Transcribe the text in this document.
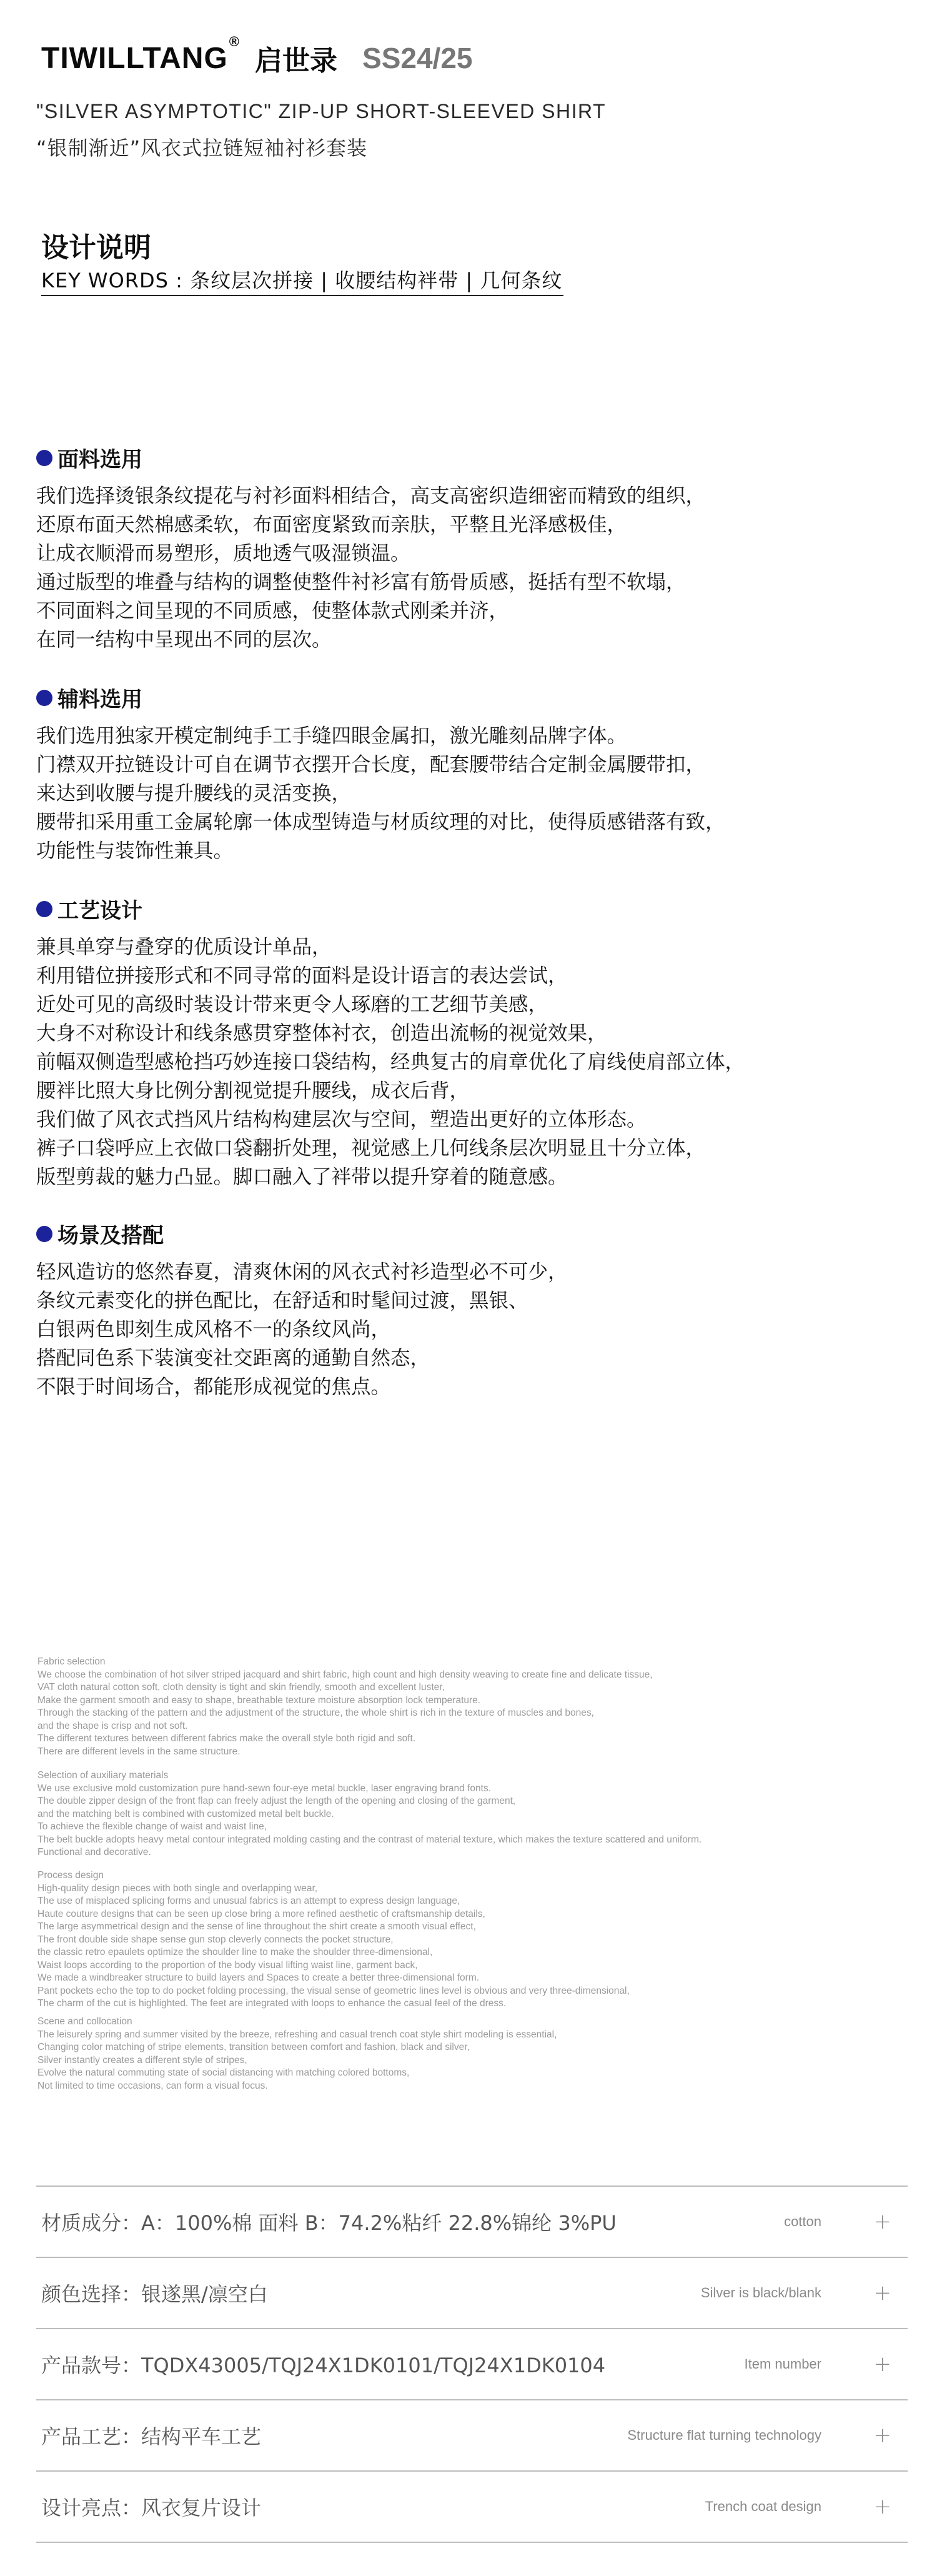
TIWILLTANG®
启世录 SS24/25
"SILVER ASYMPTOTIC" ZIP-UP SHORT-SLEEVED SHIRT
“银制渐近”风衣式拉链短袖衬衫套装
设计说明
KEY WORDS : 条纹层次拼接 | 收腰结构袢带 | 几何条纹
面料选用

我们选择烫银条纹提花与衬衫面料相结合，高支高密织造细密而精致的组织，

还原布面天然棉感柔软，布面密度紧致而亲肤，平整且光泽感极佳，

让成衣顺滑而易塑形，质地透气吸湿锁温。

通过版型的堆叠与结构的调整使整件衬衫富有筋骨质感，挺括有型不软塌，

不同面料之间呈现的不同质感，使整体款式刚柔并济，

在同一结构中呈现出不同的层次。

辅料选用

我们选用独家开模定制纯手工手缝四眼金属扣，激光雕刻品牌字体。

门襟双开拉链设计可自在调节衣摆开合长度，配套腰带结合定制金属腰带扣，

来达到收腰与提升腰线的灵活变换，

腰带扣采用重工金属轮廓一体成型铸造与材质纹理的对比，使得质感错落有致，

功能性与装饰性兼具。

工艺设计

兼具单穿与叠穿的优质设计单品，

利用错位拼接形式和不同寻常的面料是设计语言的表达尝试，

近处可见的高级时装设计带来更令人琢磨的工艺细节美感，

大身不对称设计和线条感贯穿整体衬衣，创造出流畅的视觉效果，

前幅双侧造型感枪挡巧妙连接口袋结构，经典复古的肩章优化了肩线使肩部立体，

腰袢比照大身比例分割视觉提升腰线，成衣后背，

我们做了风衣式挡风片结构构建层次与空间，塑造出更好的立体形态。

裤子口袋呼应上衣做口袋翻折处理，视觉感上几何线条层次明显且十分立体，

版型剪裁的魅力凸显。脚口融入了袢带以提升穿着的随意感。

场景及搭配

轻风造访的悠然春夏，清爽休闲的风衣式衬衫造型必不可少，

条纹元素变化的拼色配比，在舒适和时髦间过渡，黑银、

白银两色即刻生成风格不一的条纹风尚，

搭配同色系下装演变社交距离的通勤自然态，

不限于时间场合，都能形成视觉的焦点。

Fabric selection
We choose the combination of hot silver striped jacquard and shirt fabric, high count and high density weaving to create fine and delicate tissue,
VAT cloth natural cotton soft, cloth density is tight and skin friendly, smooth and excellent luster,
Make the garment smooth and easy to shape, breathable texture moisture absorption lock temperature.
Through the stacking of the pattern and the adjustment of the structure, the whole shirt is rich in the texture of muscles and bones,
and the shape is crisp and not soft.
The different textures between different fabrics make the overall style both rigid and soft.
There are different levels in the same structure.
Selection of auxiliary materials
We use exclusive mold customization pure hand-sewn four-eye metal buckle, laser engraving brand fonts.
The double zipper design of the front flap can freely adjust the length of the opening and closing of the garment,
and the matching belt is combined with customized metal belt buckle.
To achieve the flexible change of waist and waist line,
The belt buckle adopts heavy metal contour integrated molding casting and the contrast of material texture, which makes the texture scattered and uniform.
Functional and decorative.
Process design
High-quality design pieces with both single and overlapping wear,
The use of misplaced splicing forms and unusual fabrics is an attempt to express design language,
Haute couture designs that can be seen up close bring a more refined aesthetic of craftsmanship details,
The large asymmetrical design and the sense of line throughout the shirt create a smooth visual effect,
The front double side shape sense gun stop cleverly connects the pocket structure,
the classic retro epaulets optimize the shoulder line to make the shoulder three-dimensional,
Waist loops according to the proportion of the body visual lifting waist line, garment back,
We made a windbreaker structure to build layers and Spaces to create a better three-dimensional form.
Pant pockets echo the top to do pocket folding processing, the visual sense of geometric lines level is obvious and very three-dimensional,
The charm of the cut is highlighted. The feet are integrated with loops to enhance the casual feel of the dress.
Scene and collocation
The leisurely spring and summer visited by the breeze, refreshing and casual trench coat style shirt modeling is essential,
Changing color matching of stripe elements, transition between comfort and fashion, black and silver,
Silver instantly creates a different style of stripes,
Evolve the natural commuting state of social distancing with matching colored bottoms,
Not limited to time occasions, can form a visual focus.
材质成分：A：100%棉 面料 B：74.2%粘纤 22.8%锦纶 3%PU	cotton +
颜色选择：银遂黑/凛空白	Silver is black/blank +
产品款号：TQDX43005/TQJ24X1DK0101/TQJ24X1DK0104	Item number +
产品工艺：结构平车工艺	Structure flat turning technology +
设计亮点：风衣复片设计	Trench coat design +
